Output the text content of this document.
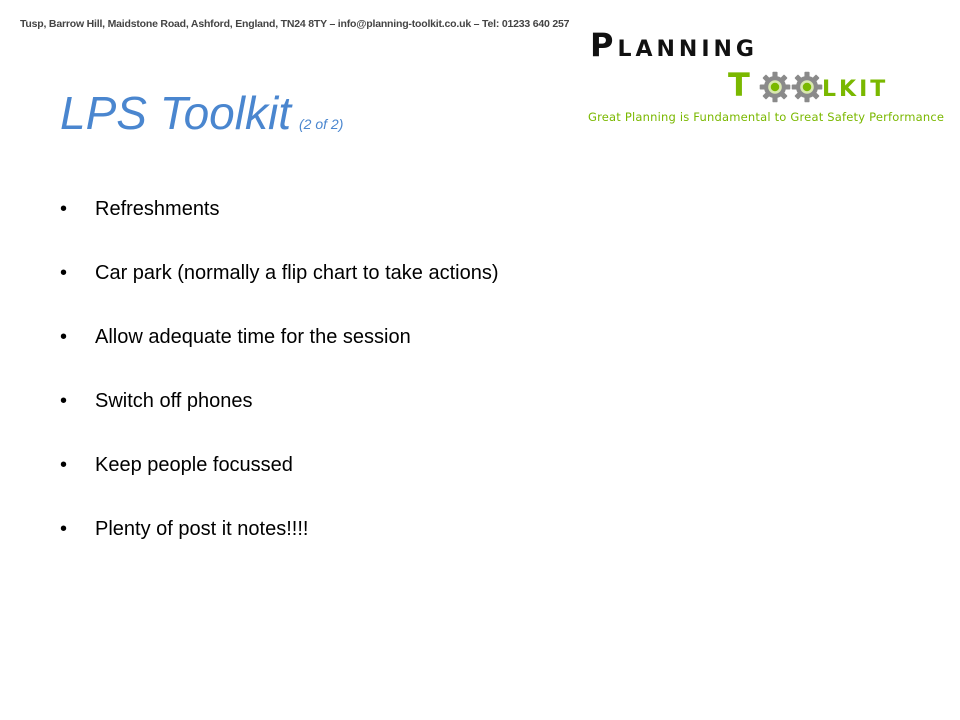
Tusp, Barrow Hill, Maidstone Road, Ashford, England, TN24 8TY – info@planning-toolkit.co.uk – Tel: 01233 640 257
Planning
T lkit
Great Planning is Fundamental to Great Safety Performance
LPS Toolkit (2 of 2)
•	Refreshments
•	Car park (normally a flip chart to take actions)
•	Allow adequate time for the session
•	Switch off phones
•	Keep people focussed
•	Plenty of post it notes!!!!
